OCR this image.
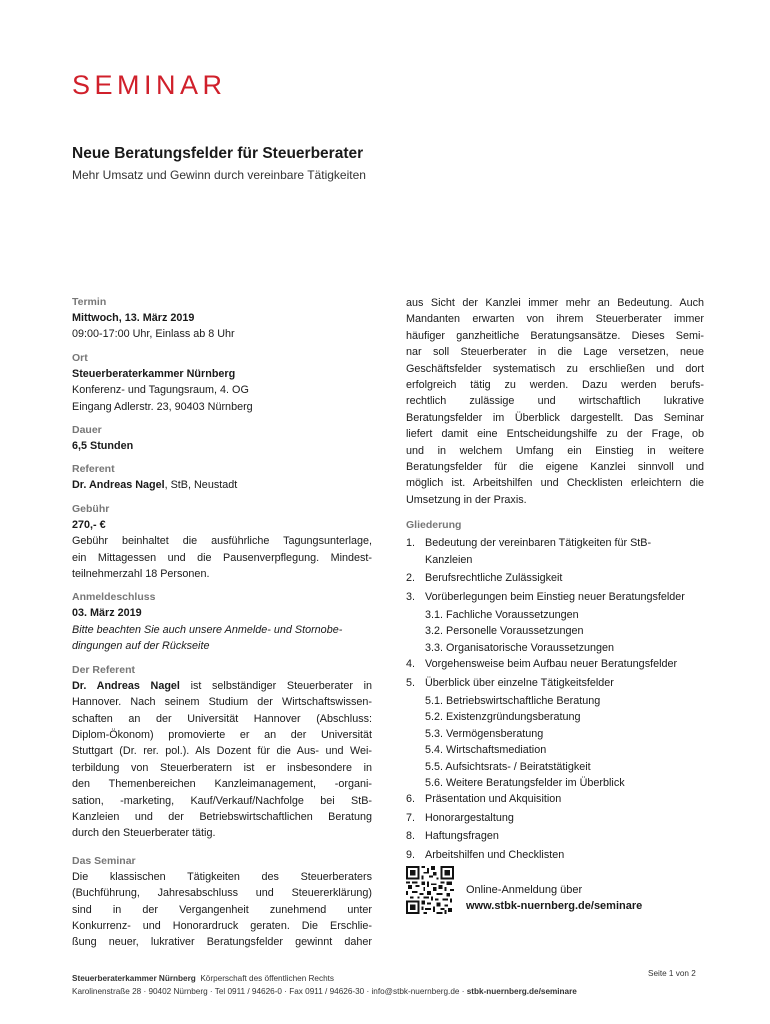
SEMINAR
Neue Beratungsfelder für Steuerberater

Mehr Umsatz und Gewinn durch vereinbare Tätigkeiten

Termin
Mittwoch, 13. März 2019
09:00-17:00 Uhr, Einlass ab 8 Uhr
Ort
Steuerberaterkammer Nürnberg
Konferenz- und Tagungsraum, 4. OG
Eingang Adlerstr. 23, 90403 Nürnberg
Dauer
6,5 Stunden
Referent
Dr. Andreas Nagel, StB, Neustadt
Gebühr
270,- €
Gebühr beinhaltet die ausführliche Tagungsunterlage,
ein Mittagessen und die Pausenverpflegung. Mindest-
teilnehmerzahl 18 Personen.
Anmeldeschluss
03. März 2019
Bitte beachten Sie auch unsere Anmelde- und Stornobe-
dingungen auf der Rückseite
Der Referent
Dr. Andreas Nagel ist selbständiger Steuerberater in
Hannover. Nach seinem Studium der Wirtschaftswissen-
schaften an der Universität Hannover (Abschluss:
Diplom-Ökonom) promovierte er an der Universität
Stuttgart (Dr. rer. pol.). Als Dozent für die Aus- und Wei-
terbildung von Steuerberatern ist er insbesondere in
den Themenbereichen Kanzleimanagement, -organi-
sation, -marketing, Kauf/Verkauf/Nachfolge bei StB-
Kanzleien und der Betriebswirtschaftlichen Beratung
durch den Steuerberater tätig.
Das Seminar
Die klassischen Tätigkeiten des Steuerberaters
(Buchführung, Jahresabschluss und Steuererklärung)
sind in der Vergangenheit zunehmend unter
Konkurrenz- und Honorardruck geraten. Die Erschlie-
ßung neuer, lukrativer Beratungsfelder gewinnt daher
aus Sicht der Kanzlei immer mehr an Bedeutung. Auch
Mandanten erwarten von ihrem Steuerberater immer
häufiger ganzheitliche Beratungsansätze. Dieses Semi-
nar soll Steuerberater in die Lage versetzen, neue
Geschäftsfelder systematisch zu erschließen und dort
erfolgreich tätig zu werden. Dazu werden berufs-
rechtlich zulässige und wirtschaftlich lukrative
Beratungsfelder im Überblick dargestellt. Das Seminar
liefert damit eine Entscheidungshilfe zu der Frage, ob
und in welchem Umfang ein Einstieg in weitere
Beratungsfelder für die eigene Kanzlei sinnvoll und
möglich ist. Arbeitshilfen und Checklisten erleichtern die
Umsetzung in der Praxis.
Gliederung
1. Bedeutung der vereinbaren Tätigkeiten für StB-Kanzleien
2. Berufsrechtliche Zulässigkeit
3. Vorüberlegungen beim Einstieg neuer Beratungsfelder
3.1. Fachliche Voraussetzungen
3.2. Personelle Voraussetzungen
3.3. Organisatorische Voraussetzungen
4. Vorgehensweise beim Aufbau neuer Beratungsfelder
5. Überblick über einzelne Tätigkeitsfelder
5.1. Betriebswirtschaftliche Beratung
5.2. Existenzgründungsberatung
5.3. Vermögensberatung
5.4. Wirtschaftsmediation
5.5. Aufsichtsrats- / Beiratstätigkeit
5.6. Weitere Beratungsfelder im Überblick
6. Präsentation und Akquisition
7. Honorargestaltung
8. Haftungsfragen
9. Arbeitshilfen und Checklisten
Online-Anmeldung über
www.stbk-nuernberg.de/seminare
Steuerberaterkammer Nürnberg Körperschaft des öffentlichen Rechts
Karolinenstraße 28 · 90402 Nürnberg · Tel 0911 / 94626-0 · Fax 0911 / 94626-30 · info@stbk-nuernberg.de · stbk-nuernberg.de/seminare
Seite 1 von 2
